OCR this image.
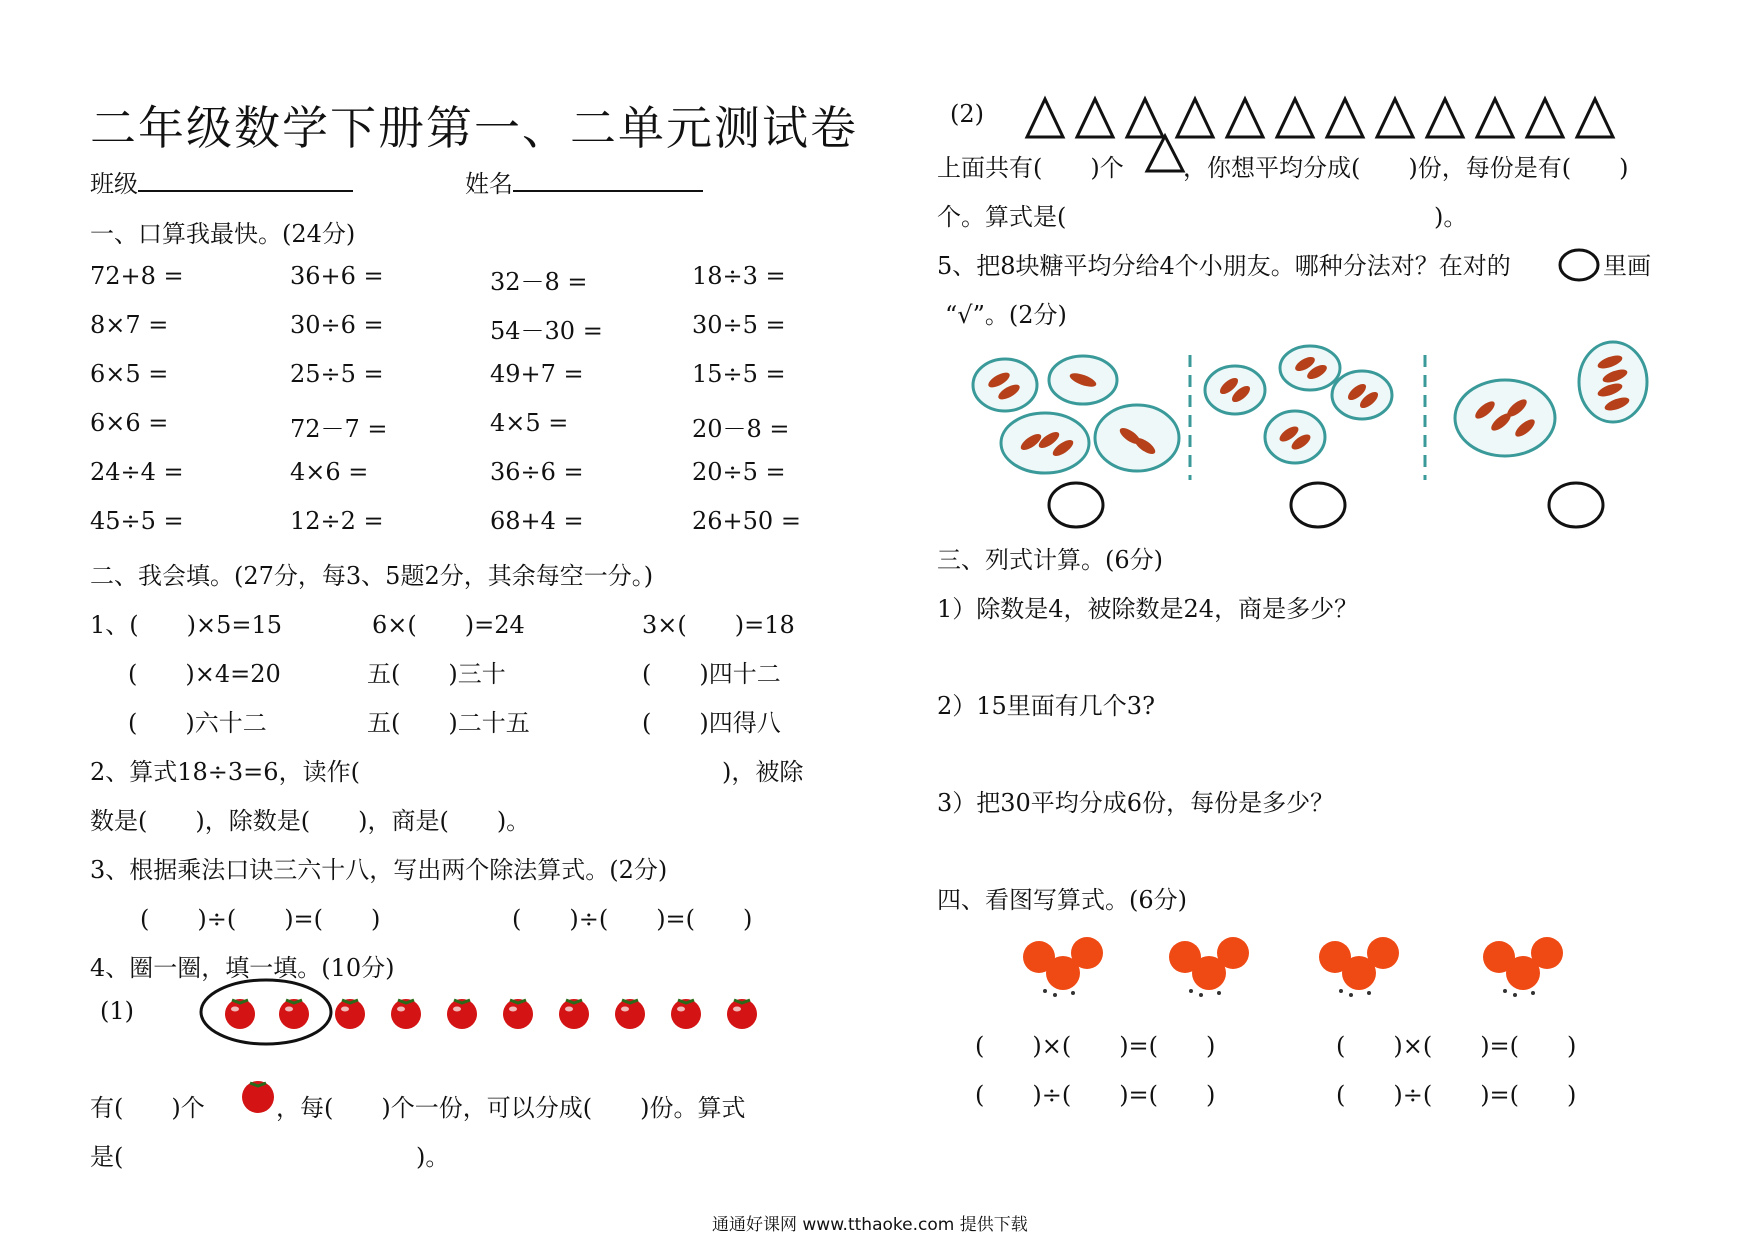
二年级数学下册第一、二单元测试卷
班级	姓名
一、口算我最快。(24分)
72+8 =	36+6 =	32－8 =	18÷3 =
8×7 =	30÷6 =	54－30 =	30÷5 =
6×5 =	25÷5 =	49+7 =	15÷5 =
6×6 =	72－7 =	4×5 =	20－8 =
24÷4 =	4×6 =	36÷6 =	20÷5 =
45÷5 =	12÷2 =	68+4 =	26+50 =
二、我会填。(27分，每3、5题2分，其余每空一分。)
1、(　　)×5=15	6×(　　)=24	3×(　　)=18
(　　)×4=20	五(　　)三十	(　　)四十二
(　　)六十二	五(　　)二十五	(　　)四得八
2、算式18÷3=6，读作(	)，被除
数是(　　)，除数是(　　)，商是(　　)。
3、根据乘法口诀三六十八，写出两个除法算式。(2分)
(　　)÷(　　)=(　　)	(　　)÷(　　)=(　　)
4、圈一圈，填一填。(10分)
(1)
有(　　)个	，每(　　)个一份，可以分成(　　)份。算式
是(	)。
(2)
上面共有(　　)个 ，你想平均分成(　　)份，每份是有(　　)
个。算式是(	)。
5、把8块糖平均分给4个小朋友。哪种分法对？在对的	里画
“√”。(2分)
三、列式计算。(6分)
1）除数是4，被除数是24，商是多少？
2）15里面有几个3?
3）把30平均分成6份，每份是多少？
四、看图写算式。(6分)
(　　)×(　　)=(　　)	(　　)×(　　)=(　　)
(　　)÷(　　)=(　　)	(　　)÷(　　)=(　　)
通通好课网 www.tthaoke.com 提供下载
